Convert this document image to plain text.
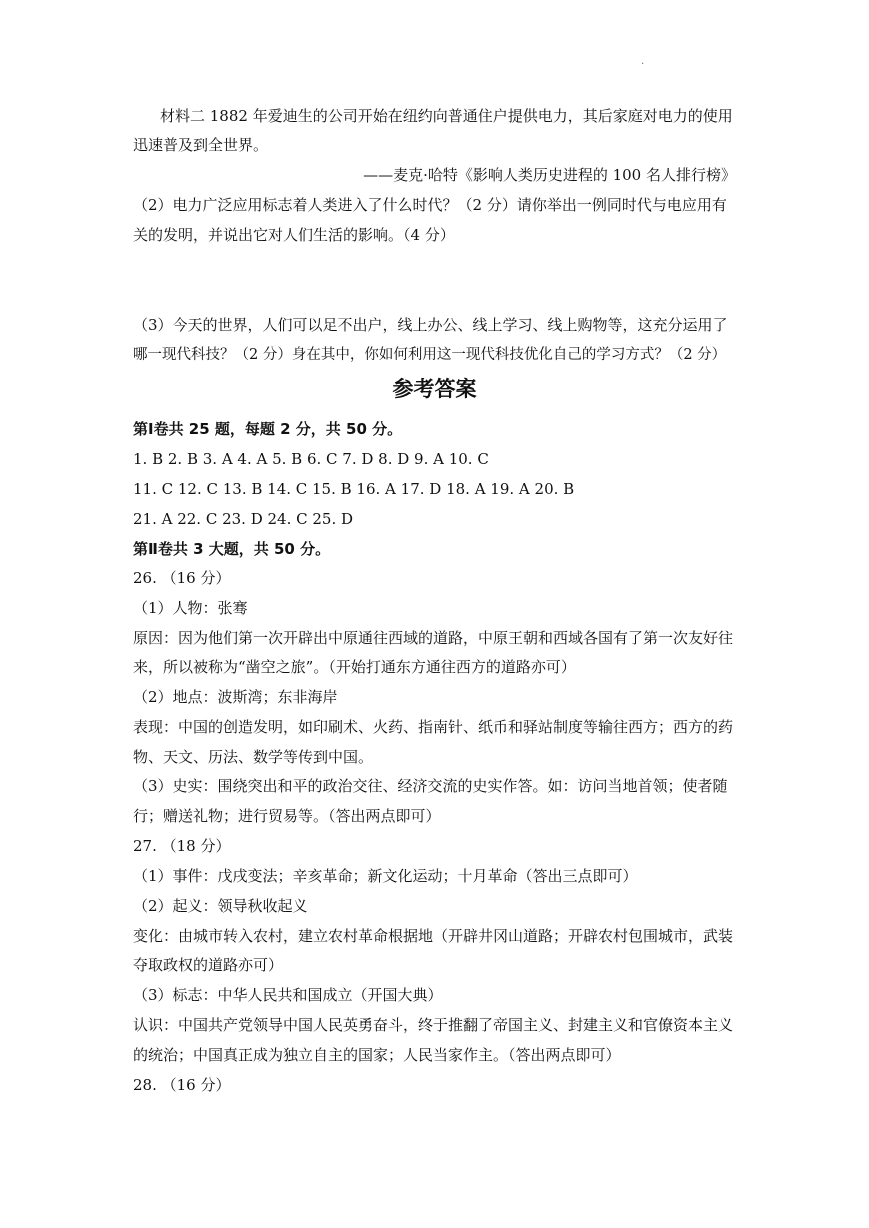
.
材料二 1882 年爱迪生的公司开始在纽约向普通住户提供电力，其后家庭对电力的使用
迅速普及到全世界。
——麦克·哈特《影响人类历史进程的 100 名人排行榜》
（2）电力广泛应用标志着人类进入了什么时代？（2 分）请你举出一例同时代与电应用有
关的发明，并说出它对人们生活的影响。（4 分）
（3）今天的世界，人们可以足不出户，线上办公、线上学习、线上购物等，这充分运用了
哪一现代科技？（2 分）身在其中，你如何利用这一现代科技优化自己的学习方式？（2 分）
参考答案
第Ⅰ卷共 25 题，每题 2 分，共 50 分。
1. B 2. B 3. A 4. A 5. B 6. C 7. D 8. D 9. A 10. C
11. C 12. C 13. B 14. C 15. B 16. A 17. D 18. A 19. A 20. B
21. A 22. C 23. D 24. C 25. D
第Ⅱ卷共 3 大题，共 50 分。
26. （16 分）
（1）人物：张骞
原因：因为他们第一次开辟出中原通往西域的道路，中原王朝和西域各国有了第一次友好往
来，所以被称为“凿空之旅”。（开始打通东方通往西方的道路亦可）
（2）地点：波斯湾；东非海岸
表现：中国的创造发明，如印刷术、火药、指南针、纸币和驿站制度等输往西方；西方的药
物、天文、历法、数学等传到中国。
（3）史实：围绕突出和平的政治交往、经济交流的史实作答。如：访问当地首领；使者随
行；赠送礼物；进行贸易等。（答出两点即可）
27. （18 分）
（1）事件：戊戌变法；辛亥革命；新文化运动；十月革命（答出三点即可）
（2）起义：领导秋收起义
变化：由城市转入农村，建立农村革命根据地（开辟井冈山道路；开辟农村包围城市，武装
夺取政权的道路亦可）
（3）标志：中华人民共和国成立（开国大典）
认识：中国共产党领导中国人民英勇奋斗，终于推翻了帝国主义、封建主义和官僚资本主义
的统治；中国真正成为独立自主的国家；人民当家作主。（答出两点即可）
28. （16 分）
